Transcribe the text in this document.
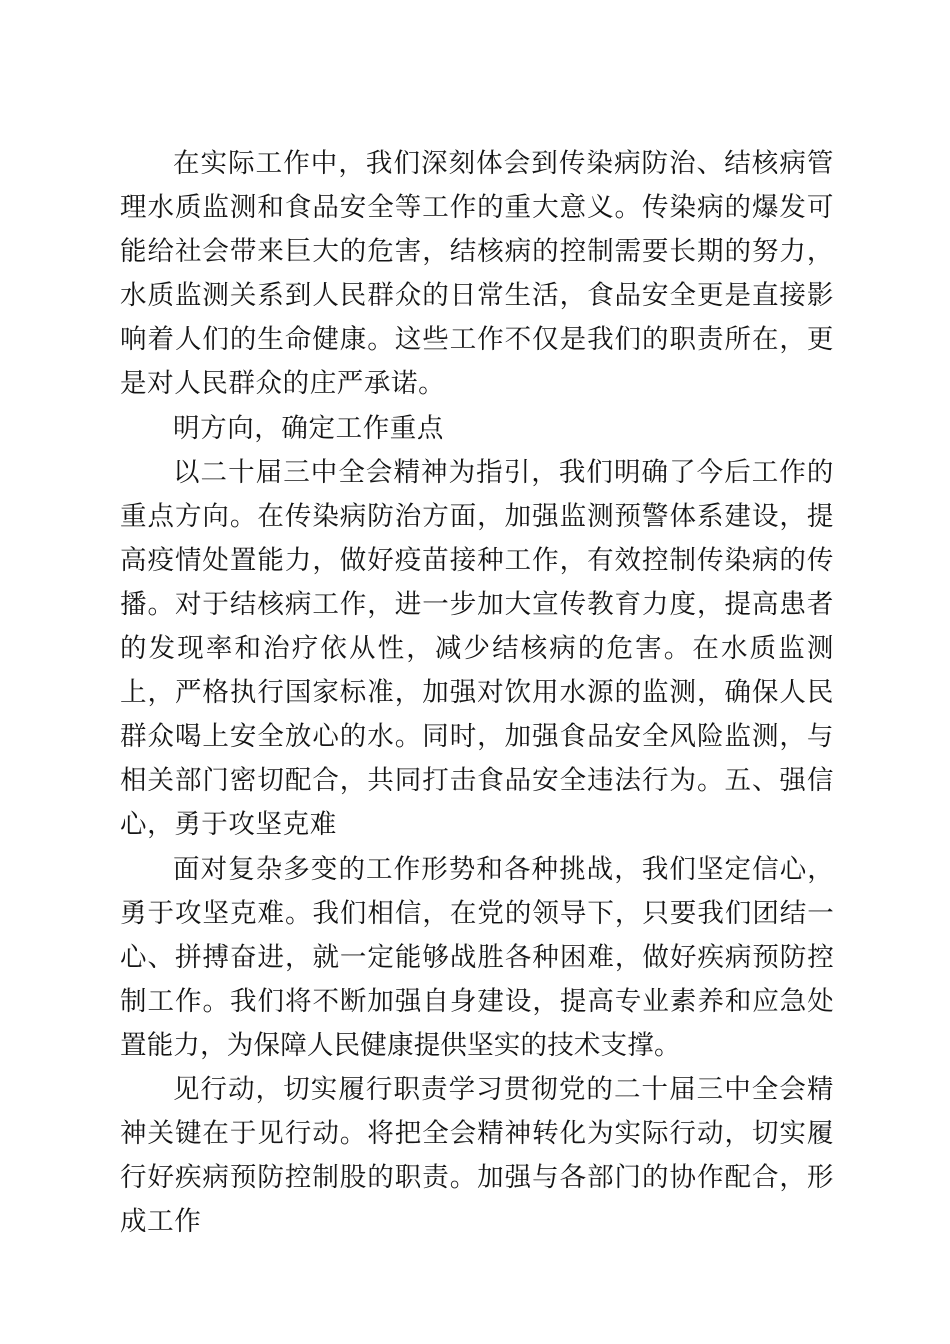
在实际工作中，我们深刻体会到传染病防治、结核病管理水质监测和食品安全等工作的重大意义。传染病的爆发可能给社会带来巨大的危害，结核病的控制需要长期的努力，水质监测关系到人民群众的日常生活，食品安全更是直接影响着人们的生命健康。这些工作不仅是我们的职责所在，更是对人民群众的庄严承诺。

明方向，确定工作重点

以二十届三中全会精神为指引，我们明确了今后工作的重点方向。在传染病防治方面，加强监测预警体系建设，提高疫情处置能力，做好疫苗接种工作，有效控制传染病的传播。对于结核病工作，进一步加大宣传教育力度，提高患者的发现率和治疗依从性，减少结核病的危害。在水质监测上，严格执行国家标准，加强对饮用水源的监测，确保人民群众喝上安全放心的水。同时，加强食品安全风险监测，与相关部门密切配合，共同打击食品安全违法行为。五、强信心，勇于攻坚克难

面对复杂多变的工作形势和各种挑战，我们坚定信心，勇于攻坚克难。我们相信，在党的领导下，只要我们团结一心、拼搏奋进，就一定能够战胜各种困难，做好疾病预防控制工作。我们将不断加强自身建设，提高专业素养和应急处置能力，为保障人民健康提供坚实的技术支撑。

见行动，切实履行职责学习贯彻党的二十届三中全会精神关键在于见行动。将把全会精神转化为实际行动，切实履行好疾病预防控制股的职责。加强与各部门的协作配合，形成工作
